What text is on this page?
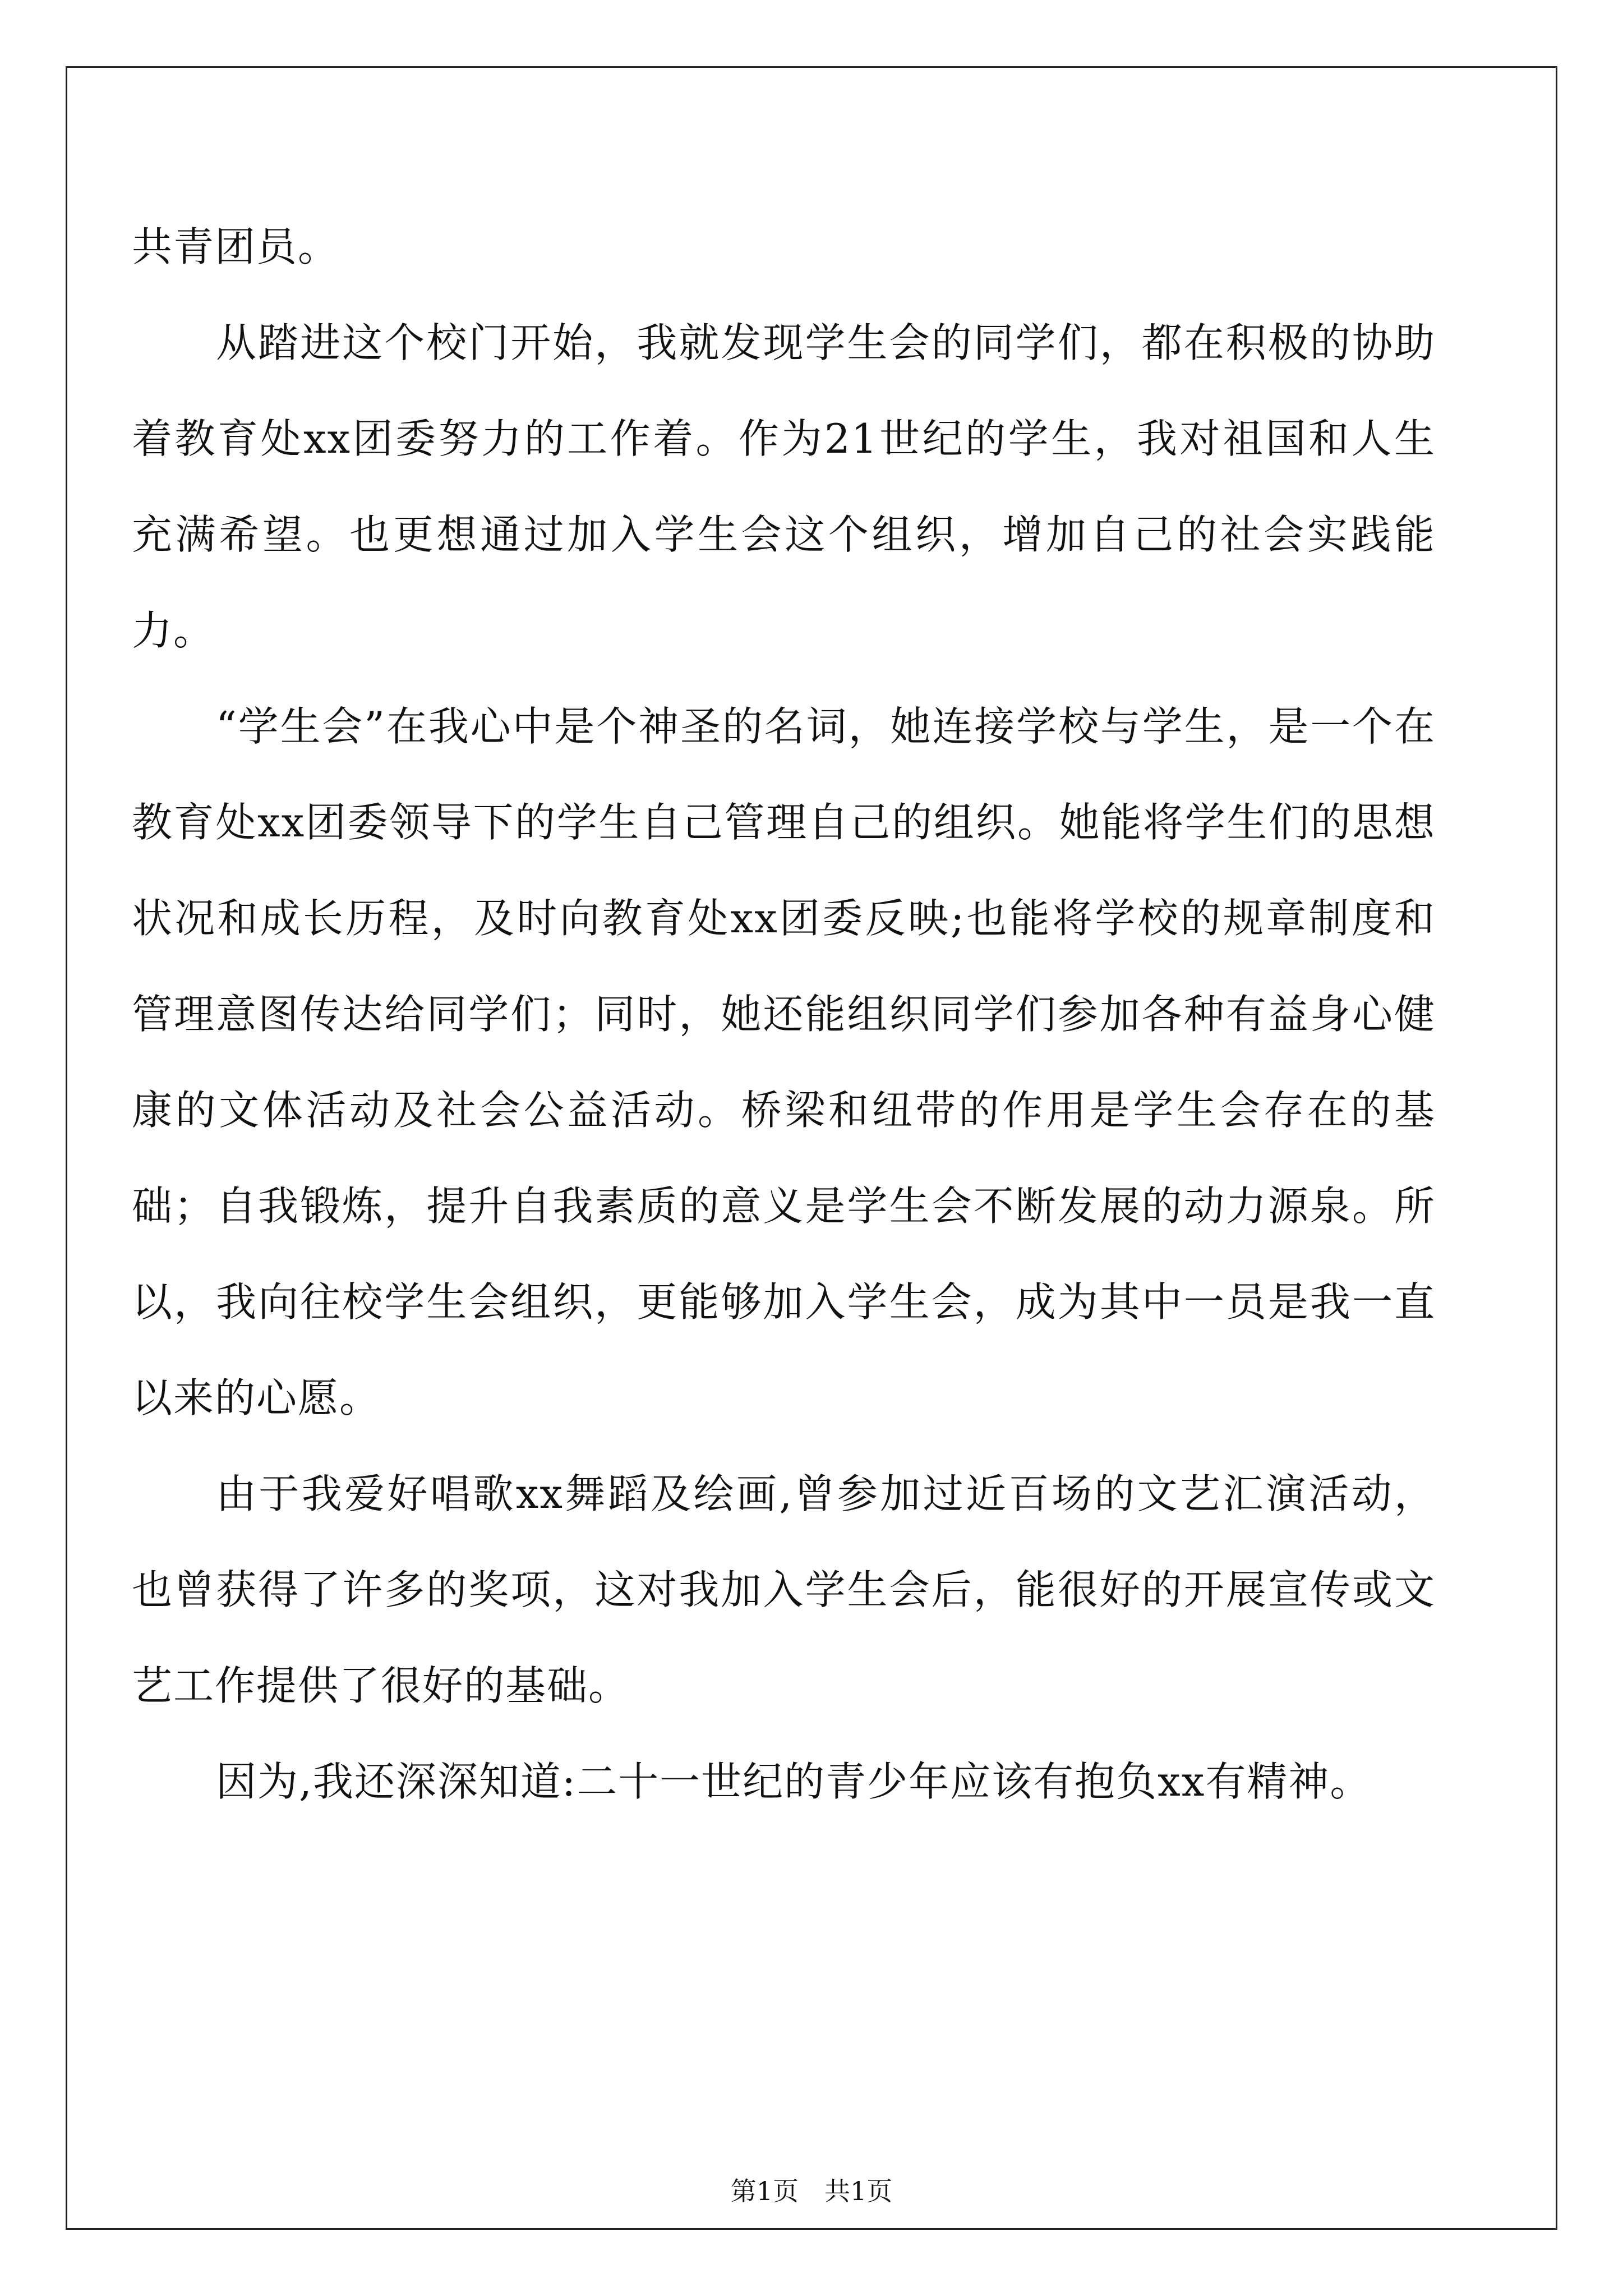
共青团员。

从踏进这个校门开始，我就发现学生会的同学们，都在积极的协助着教育处xx团委努力的工作着。作为21世纪的学生，我对祖国和人生充满希望。也更想通过加入学生会这个组织，增加自己的社会实践能力。

“学生会”在我心中是个神圣的名词，她连接学校与学生，是一个在教育处xx团委领导下的学生自己管理自己的组织。她能将学生们的思想状况和成长历程，及时向教育处xx团委反映;也能将学校的规章制度和管理意图传达给同学们；同时，她还能组织同学们参加各种有益身心健康的文体活动及社会公益活动。桥梁和纽带的作用是学生会存在的基础；自我锻炼，提升自我素质的意义是学生会不断发展的动力源泉。所以，我向往校学生会组织，更能够加入学生会，成为其中一员是我一直以来的心愿。

由于我爱好唱歌xx舞蹈及绘画,曾参加过近百场的文艺汇演活动，也曾获得了许多的奖项，这对我加入学生会后，能很好的开展宣传或文艺工作提供了很好的基础。

因为,我还深深知道:二十一世纪的青少年应该有抱负xx有精神。

第1页　共1页
